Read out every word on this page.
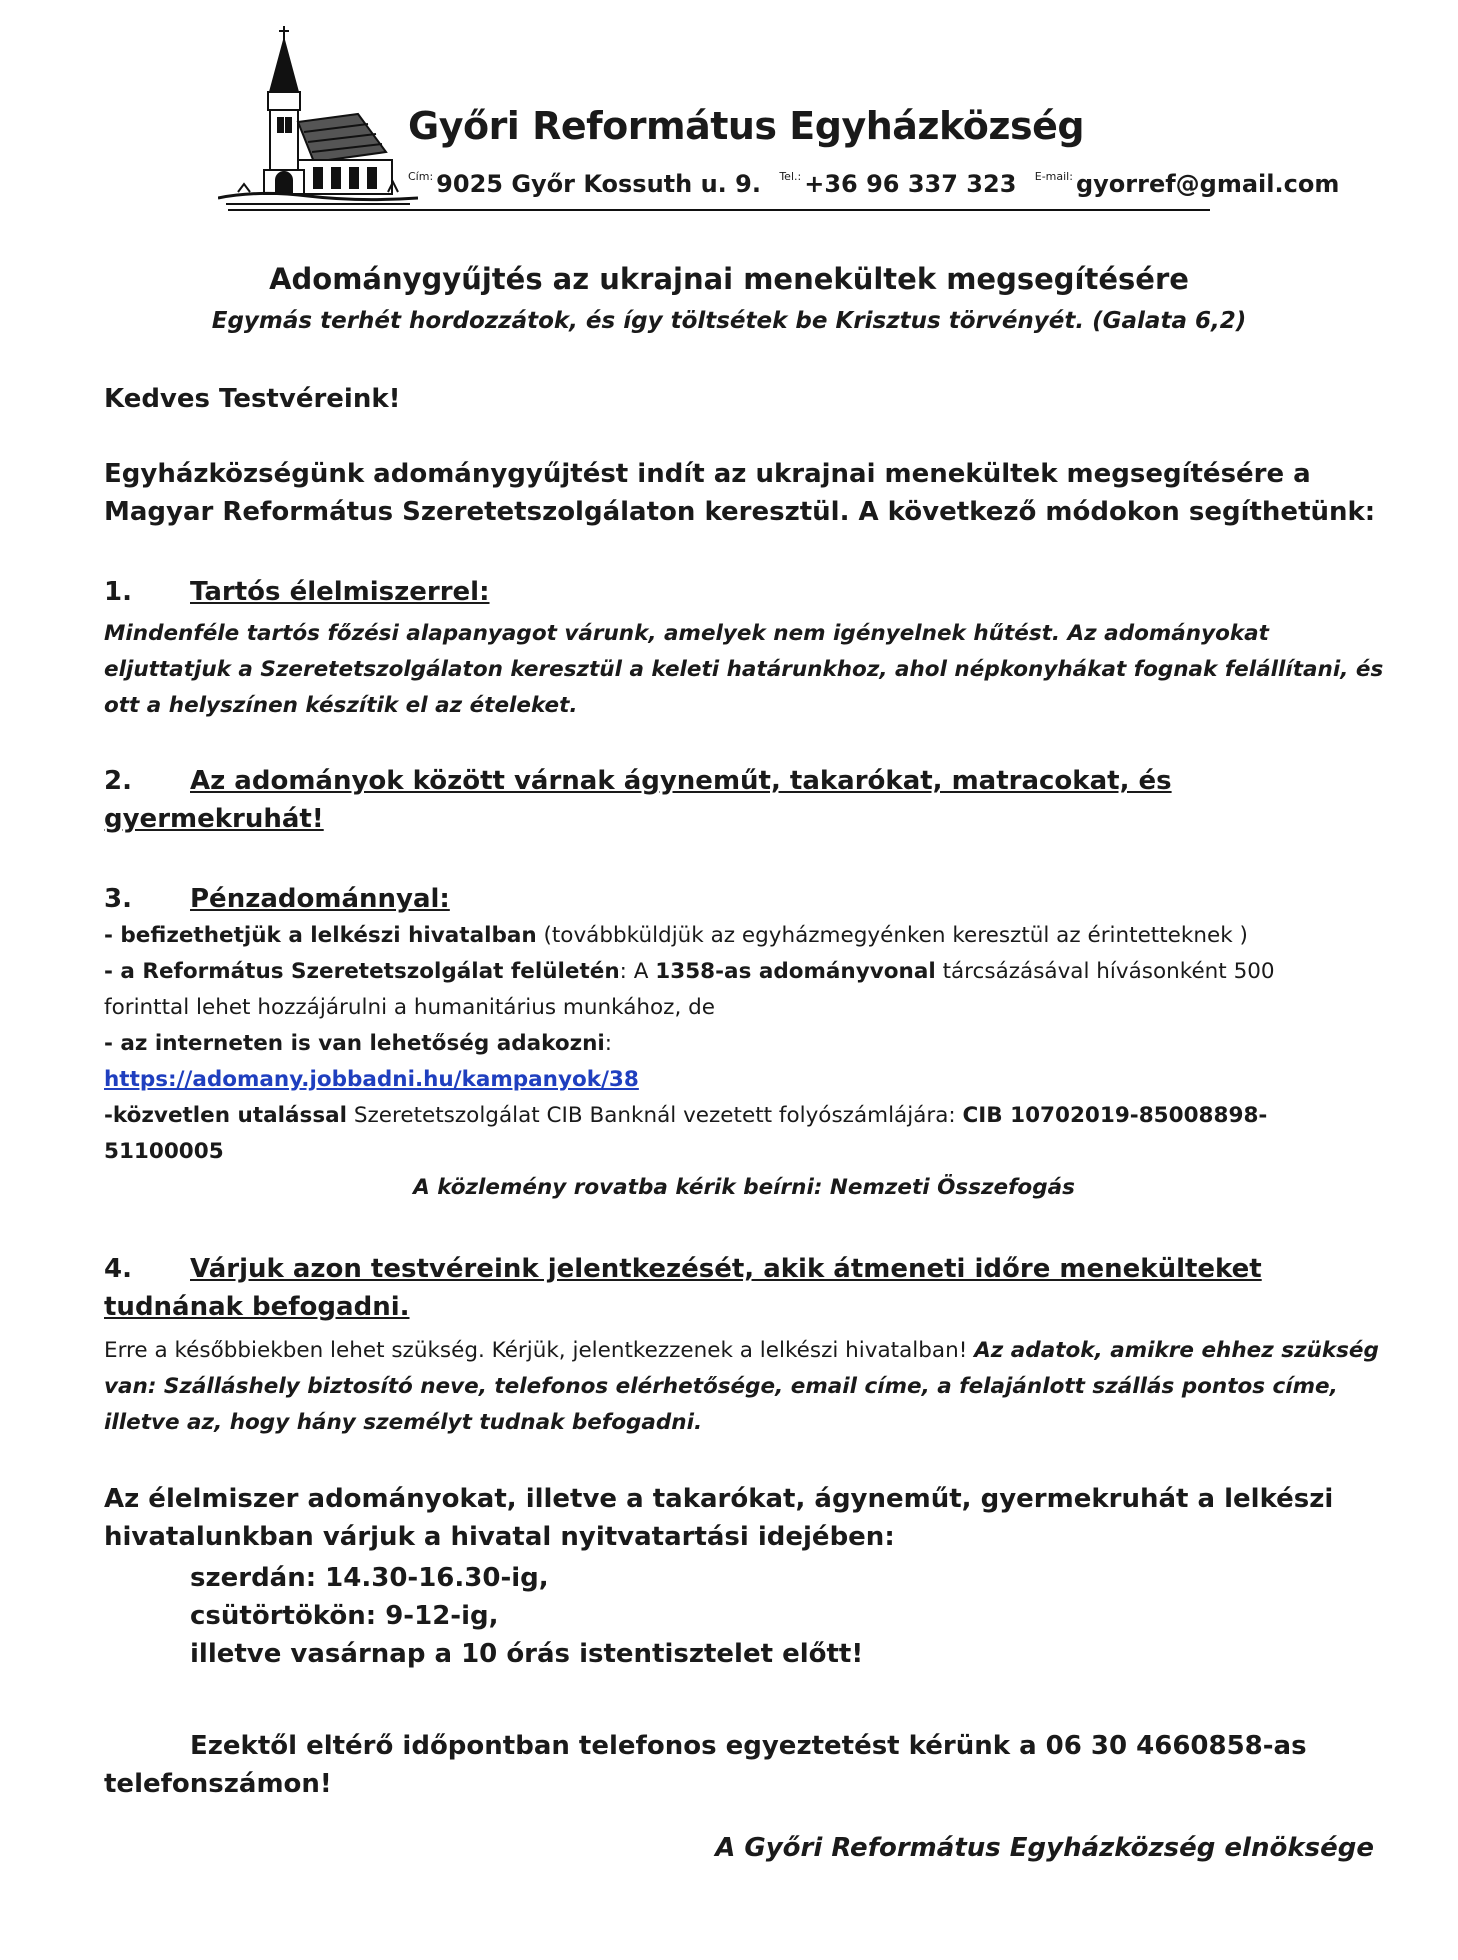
Győri Református Egyházközség
$^{Cím:}$ 9025 Győr Kossuth u. 9. $^{Tel.:}$ +36 96 337 323 $^{E-mail:}$ gyorref@gmail.com
Adománygyűjtés az ukrajnai menekültek megsegítésére
Egymás terhét hordozzátok, és így töltsétek be Krisztus törvényét. (Galata 6,2)
Kedves Testvéreink!
Egyházközségünk adománygyűjtést indít az ukrajnai menekültek megsegítésére a Magyar Református Szeretetszolgálaton keresztül. A következő módokon segíthetünk:
1. Tartós élelmiszerrel:
Mindenféle tartós főzési alapanyagot várunk, amelyek nem igényelnek hűtést. Az adományokat eljuttatjuk a Szeretetszolgálaton keresztül a keleti határunkhoz, ahol népkonyhákat fognak felállítani, és ott a helyszínen készítik el az ételeket.
2. Az adományok között várnak ágyneműt, takarókat, matracokat, és
gyermekruhát!
3. Pénzadománnyal:
- befizethetjük a lelkészi hivatalban (továbbküldjük az egyházmegyénken keresztül az érintetteknek )
- a Református Szeretetszolgálat felületén: A 1358-as adományvonal tárcsázásával hívásonként 500
forinttal lehet hozzájárulni a humanitárius munkához, de
- az interneten is van lehetőség adakozni:
https://adomany.jobbadni.hu/kampanyok/38
-közvetlen utalással Szeretetszolgálat CIB Banknál vezetett folyószámlájára: CIB 10702019-85008898-
51100005
A közlemény rovatba kérik beírni: Nemzeti Összefogás
4. Várjuk azon testvéreink jelentkezését, akik átmeneti időre menekülteket
tudnának befogadni.
Erre a későbbiekben lehet szükség. Kérjük, jelentkezzenek a lelkészi hivatalban! Az adatok, amikre ehhez szükség van: Szálláshely biztosító neve, telefonos elérhetősége, email címe, a felajánlott szállás pontos címe, illetve az, hogy hány személyt tudnak befogadni.
Az élelmiszer adományokat, illetve a takarókat, ágyneműt, gyermekruhát a lelkészi hivatalunkban várjuk a hivatal nyitvatartási idejében:
szerdán: 14.30-16.30-ig,
csütörtökön: 9-12-ig,
illetve vasárnap a 10 órás istentisztelet előtt!
Ezektől eltérő időpontban telefonos egyeztetést kérünk a 06 30 4660858-as telefonszámon!
A Győri Református Egyházközség elnöksége
